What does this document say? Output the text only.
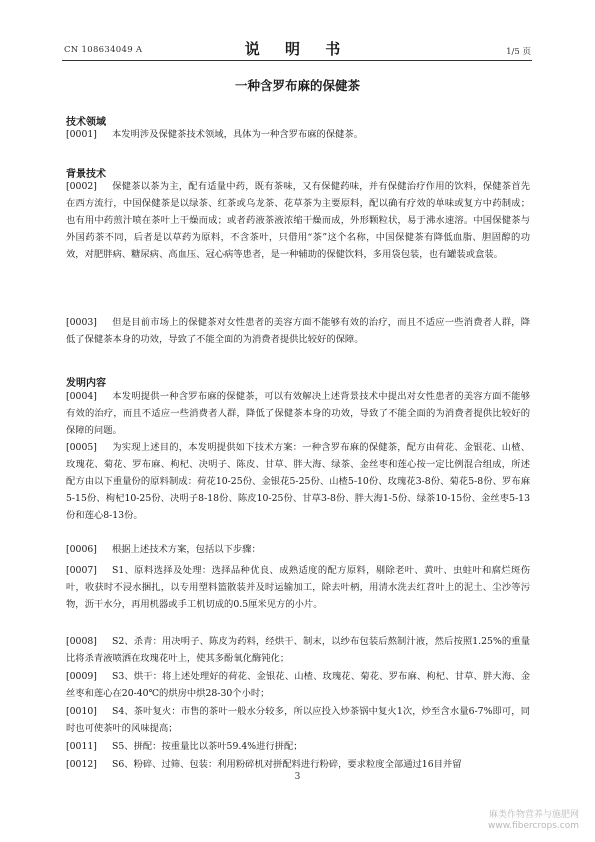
CN 108634049 A	说 明 书	1/5 页
一种含罗布麻的保健茶
技术领域
[0001] 本发明涉及保健茶技术领域，具体为一种含罗布麻的保健茶。
背景技术
[0002] 保健茶以茶为主，配有适量中药，既有茶味，又有保健药味，并有保健治疗作用的饮料，保健茶首先在西方流行，中国保健茶是以绿茶、红茶或乌龙茶、花草茶为主要原料，配以确有疗效的单味或复方中药制成；也有用中药煎汁喷在茶叶上干燥而成；或者药液茶液浓缩干燥而成，外形颗粒状，易于沸水速溶。中国保健茶与外国药茶不同，后者是以草药为原料，不含茶叶，只借用“茶”这个名称，中国保健茶有降低血脂、胆固醇的功效，对肥胖病、糖尿病、高血压、冠心病等患者，是一种辅助的保健饮料，多用袋包装，也有罐装或盒装。
[0003] 但是目前市场上的保健茶对女性患者的美容方面不能够有效的治疗，而且不适应一些消费者人群，降低了保健茶本身的功效，导致了不能全面的为消费者提供比较好的保障。
发明内容
[0004] 本发明提供一种含罗布麻的保健茶，可以有效解决上述背景技术中提出对女性患者的美容方面不能够有效的治疗，而且不适应一些消费者人群，降低了保健茶本身的功效，导致了不能全面的为消费者提供比较好的保障的问题。
[0005] 为实现上述目的，本发明提供如下技术方案：一种含罗布麻的保健茶，配方由荷花、金银花、山楂、玫瑰花、菊花、罗布麻、枸杞、决明子、陈皮、甘草、胖大海、绿茶、金丝枣和莲心按一定比例混合组成，所述配方由以下重量份的原料制成：荷花10-25份、金银花5-25份、山楂5-10份、玫瑰花3-8份、菊花5-8份、罗布麻5-15份、枸杞10-25份、决明子8-18份、陈皮10-25份、甘草3-8份、胖大海1-5份、绿茶10-15份、金丝枣5-13份和莲心8-13份。
[0006] 根据上述技术方案，包括以下步骤：
[0007] S1、原料选择及处理：选择品种优良、成熟适度的配方原料，剔除老叶、黄叶、虫蛀叶和腐烂斑伤叶，收获时不浸水捆扎，以专用塑料篮散装并及时运输加工，除去叶柄，用清水洗去红苕叶上的泥土、尘沙等污物，沥干水分，再用机器或手工机切成的0.5厘米见方的小片。
[0008] S2、杀青：用决明子、陈皮为药料，经烘干、制末，以纱布包装后熬制汁液，然后按照1.25%的重量比将杀青液喷洒在玫瑰花叶上，使其多酚氧化酶钝化；
[0009] S3、烘干：将上述处理好的荷花、金银花、山楂、玫瑰花、菊花、罗布麻、枸杞、甘草、胖大海、金丝枣和莲心在20-40℃的烘房中烘28-30个小时；
[0010] S4、茶叶复火：市售的茶叶一般水分较多，所以应投入炒茶锅中复火1次，炒至含水量6-7%即可，同时也可使茶叶的风味提高；
[0011] S5、拼配：按重量比以茶叶59.4%进行拼配；
[0012] S6、粉碎、过筛、包装：利用粉碎机对拼配料进行粉碎，要求粒度全部通过16目并留
3
麻类作物营养与施肥网
www.fibercrops.com
